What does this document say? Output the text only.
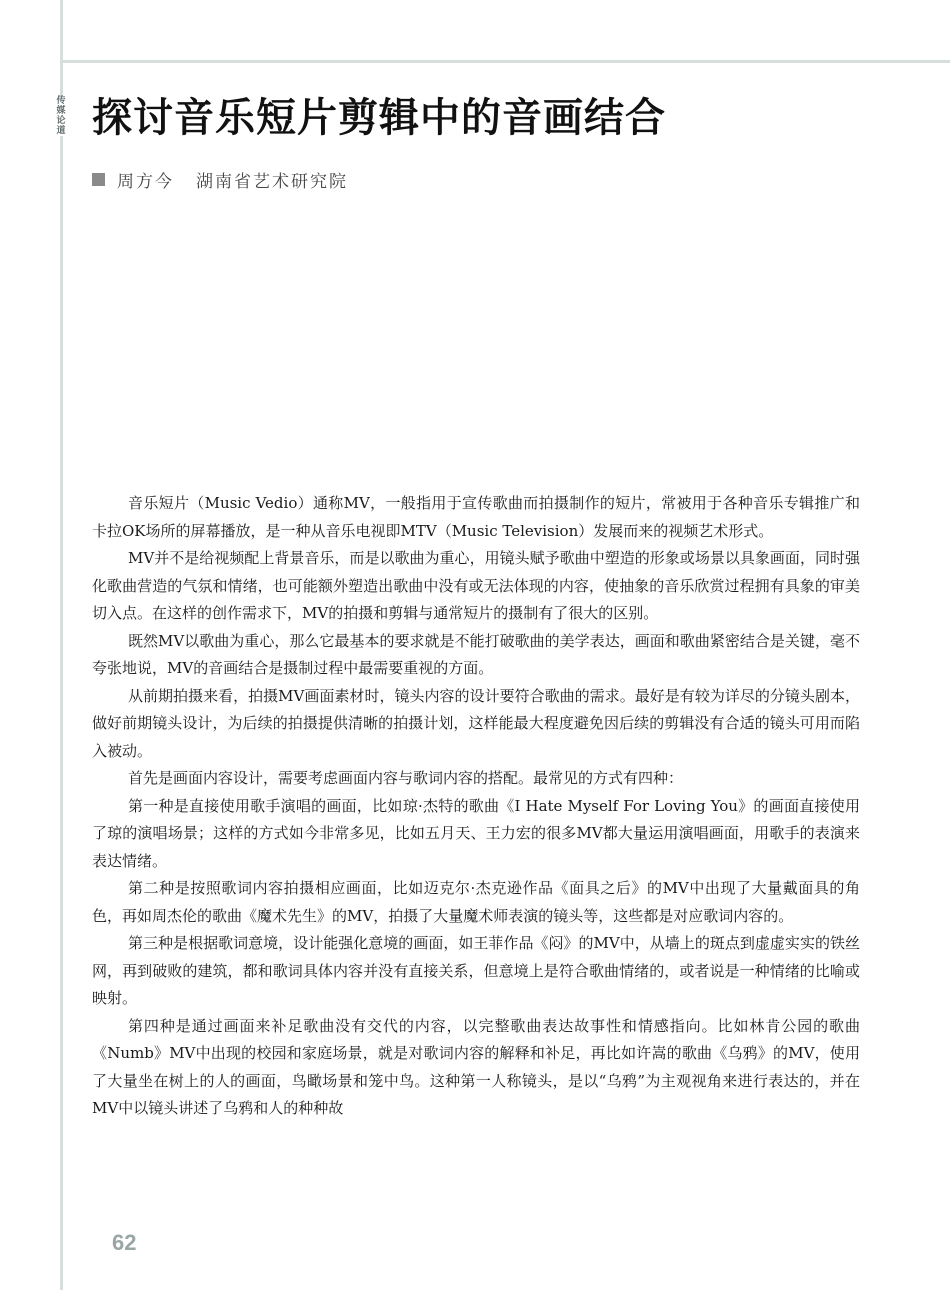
传媒论道 探讨音乐短片剪辑中的音画结合
周方今 湖南省艺术研究院

音乐短片（Music Vedio）通称MV，一般指用于宣传歌曲而拍摄制作的短片，常被用于各种音乐专辑推广和卡拉OK场所的屏幕播放，是一种从音乐电视即MTV（Music Television）发展而来的视频艺术形式。

MV并不是给视频配上背景音乐，而是以歌曲为重心，用镜头赋予歌曲中塑造的形象或场景以具象画面，同时强化歌曲营造的气氛和情绪，也可能额外塑造出歌曲中没有或无法体现的内容，使抽象的音乐欣赏过程拥有具象的审美切入点。在这样的创作需求下，MV的拍摄和剪辑与通常短片的摄制有了很大的区别。

既然MV以歌曲为重心，那么它最基本的要求就是不能打破歌曲的美学表达，画面和歌曲紧密结合是关键，毫不夸张地说，MV的音画结合是摄制过程中最需要重视的方面。

从前期拍摄来看，拍摄MV画面素材时，镜头内容的设计要符合歌曲的需求。最好是有较为详尽的分镜头剧本，做好前期镜头设计，为后续的拍摄提供清晰的拍摄计划，这样能最大程度避免因后续的剪辑没有合适的镜头可用而陷入被动。

首先是画面内容设计，需要考虑画面内容与歌词内容的搭配。最常见的方式有四种：

第一种是直接使用歌手演唱的画面，比如琼·杰特的歌曲《I Hate Myself For Loving You》的画面直接使用了琼的演唱场景；这样的方式如今非常多见，比如五月天、王力宏的很多MV都大量运用演唱画面，用歌手的表演来表达情绪。

第二种是按照歌词内容拍摄相应画面，比如迈克尔·杰克逊作品《面具之后》的MV中出现了大量戴面具的角色，再如周杰伦的歌曲《魔术先生》的MV，拍摄了大量魔术师表演的镜头等，这些都是对应歌词内容的。

第三种是根据歌词意境，设计能强化意境的画面，如王菲作品《闷》的MV中，从墙上的斑点到虚虚实实的铁丝网，再到破败的建筑，都和歌词具体内容并没有直接关系，但意境上是符合歌曲情绪的，或者说是一种情绪的比喻或映射。

第四种是通过画面来补足歌曲没有交代的内容，以完整歌曲表达故事性和情感指向。比如林肯公园的歌曲《Numb》MV中出现的校园和家庭场景，就是对歌词内容的解释和补足，再比如许嵩的歌曲《乌鸦》的MV，使用了大量坐在树上的人的画面，鸟瞰场景和笼中鸟。这种第一人称镜头，是以“乌鸦”为主观视角来进行表达的，并在MV中以镜头讲述了乌鸦和人的种种故

62
